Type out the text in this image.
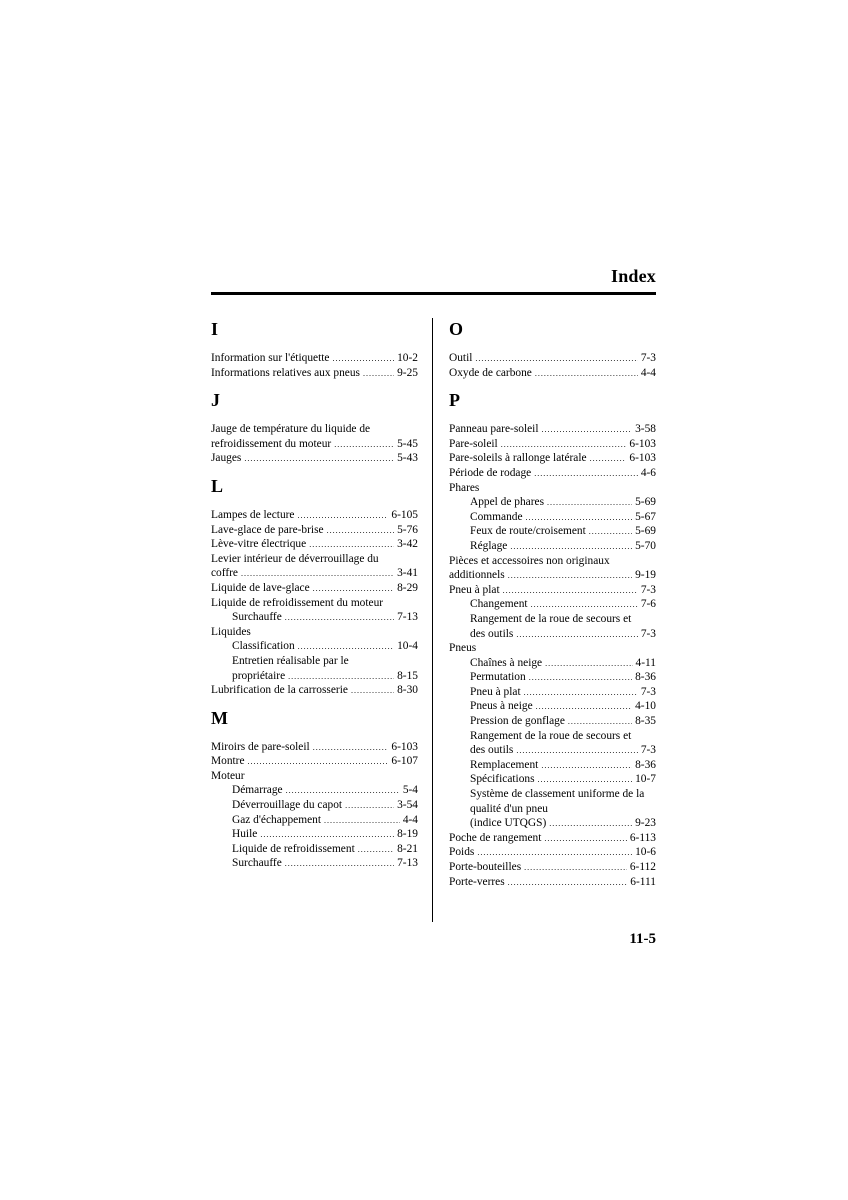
Index
I
Information sur l'étiquette .....	10-2
Informations relatives aux pneus .....	9-25
J
Jauge de température du liquide de
refroidissement du moteur .....	5-45
Jauges .....	5-43
L
Lampes de lecture .....	6-105
Lave-glace de pare-brise .....	5-76
Lève-vitre électrique .....	3-42
Levier intérieur de déverrouillage du
coffre .....	3-41
Liquide de lave-glace .....	8-29
Liquide de refroidissement du moteur
Surchauffe .....	7-13
Liquides
Classification .....	10-4
Entretien réalisable par le
propriétaire .....	8-15
Lubrification de la carrosserie .....	8-30
M
Miroirs de pare-soleil .....	6-103
Montre .....	6-107
Moteur
Démarrage .....	5-4
Déverrouillage du capot .....	3-54
Gaz d'échappement .....	4-4
Huile .....	8-19
Liquide de refroidissement .....	8-21
Surchauffe .....	7-13
O
Outil .....	7-3
Oxyde de carbone .....	4-4
P
Panneau pare-soleil .....	3-58
Pare-soleil .....	6-103
Pare-soleils à rallonge latérale .....	6-103
Période de rodage .....	4-6
Phares
Appel de phares .....	5-69
Commande .....	5-67
Feux de route/croisement .....	5-69
Réglage .....	5-70
Pièces et accessoires non originaux
additionnels .....	9-19
Pneu à plat .....	7-3
Changement .....	7-6
Rangement de la roue de secours et
des outils .....	7-3
Pneus
Chaînes à neige .....	4-11
Permutation .....	8-36
Pneu à plat .....	7-3
Pneus à neige .....	4-10
Pression de gonflage .....	8-35
Rangement de la roue de secours et
des outils .....	7-3
Remplacement .....	8-36
Spécifications .....	10-7
Système de classement uniforme de la
qualité d'un pneu
(indice UTQGS) .....	9-23
Poche de rangement .....	6-113
Poids .....	10-6
Porte-bouteilles .....	6-112
Porte-verres .....	6-111
11-5
